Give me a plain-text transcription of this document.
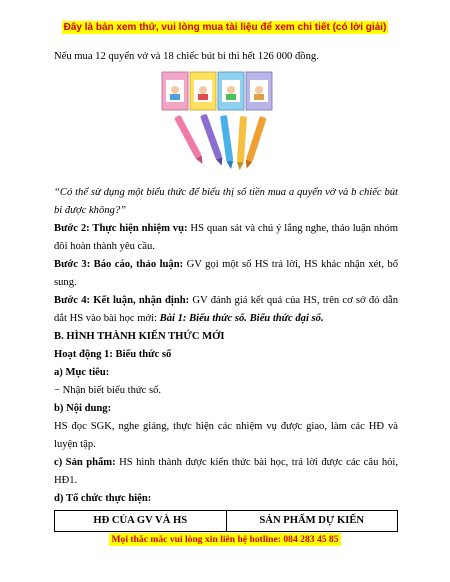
Đây là bản xem thử, vui lòng mua tài liệu để xem chi tiết (có lời giải)

Nếu mua 12 quyển vở và 18 chiếc bút bi thì hết 126 000 đồng.

“Có thể sử dụng một biểu thức để biểu thị số tiền mua a quyển vở và b chiếc bút bi được không?”

Bước 2: Thực hiện nhiệm vụ: HS quan sát và chú ý lắng nghe, thảo luận nhóm đôi hoàn thành yêu cầu.

Bước 3: Báo cáo, thảo luận: GV gọi một số HS trả lời, HS khác nhận xét, bổ sung.

Bước 4: Kết luận, nhận định: GV đánh giá kết quả của HS, trên cơ sở đó dẫn dắt HS vào bài học mới: Bài 1: Biểu thức số. Biểu thức đại số.

B. HÌNH THÀNH KIẾN THỨC MỚI

Hoạt động 1: Biểu thức số

a) Mục tiêu:

− Nhận biết biểu thức số.

b) Nội dung:

HS đọc SGK, nghe giảng, thực hiện các nhiệm vụ được giao, làm các HĐ và luyện tập.

c) Sản phẩm: HS hình thành được kiến thức bài học, trả lời được các câu hỏi, HĐ1.

d) Tổ chức thực hiện:

HĐ CỦA GV VÀ HS	SẢN PHẨM DỰ KIẾN
Mọi thắc mắc vui lòng xin liên hệ hotline: 084 283 45 85
